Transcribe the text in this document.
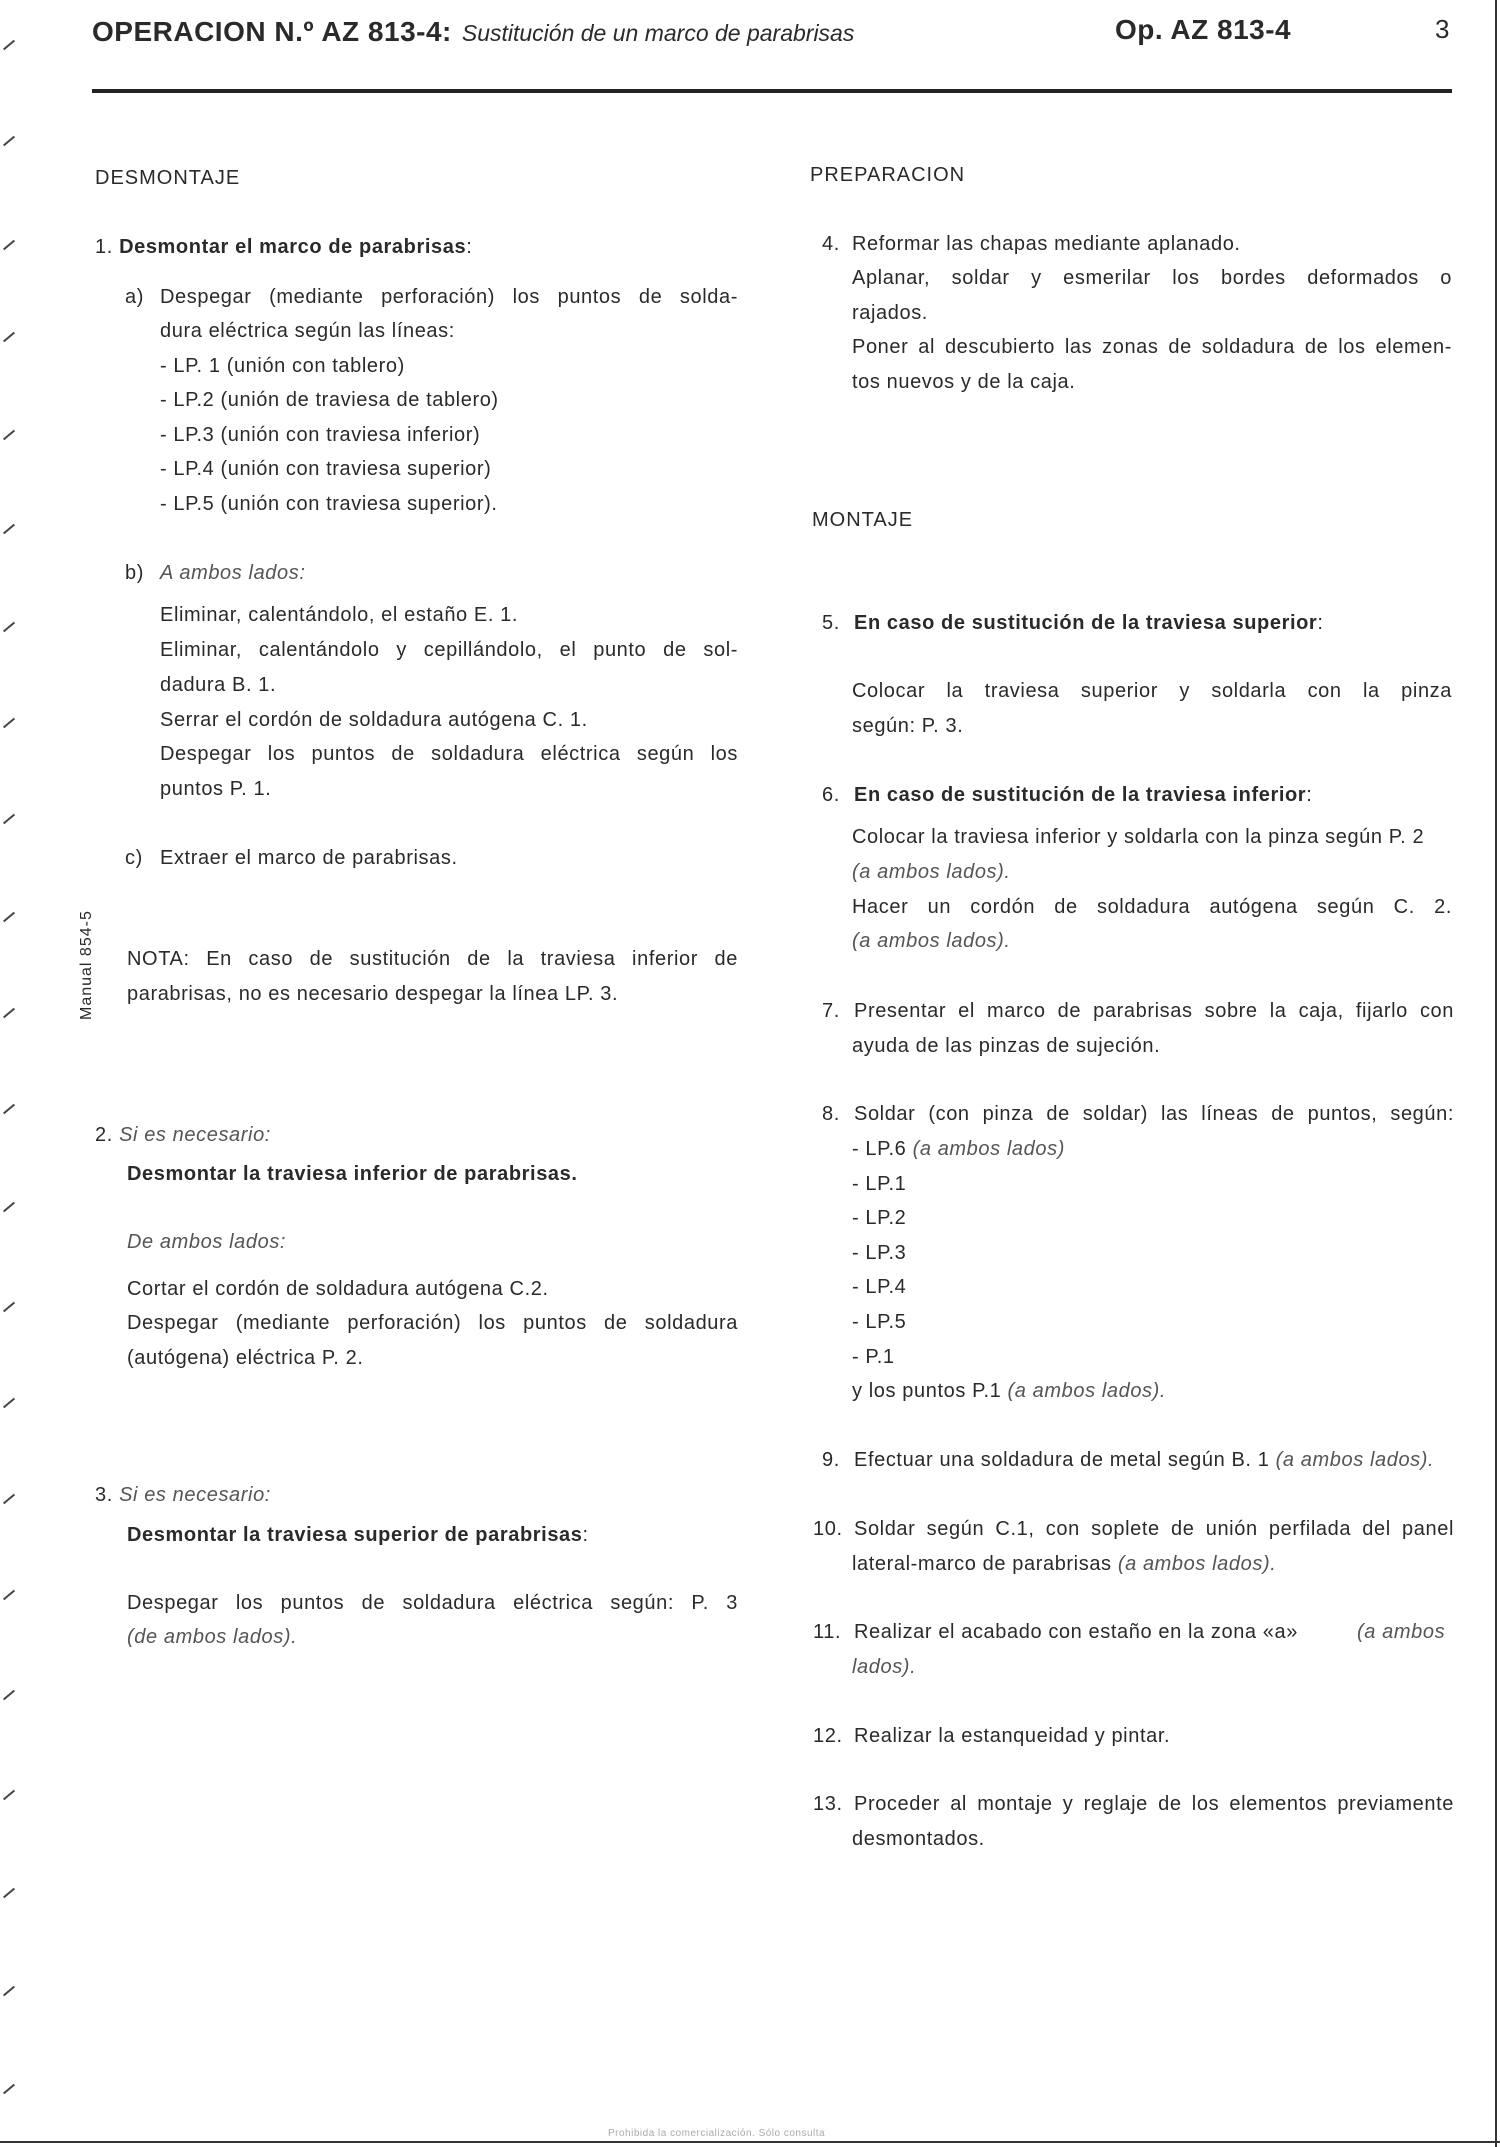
OPERACION N.º AZ 813-4: Sustitución de un marco de parabrisas	Op. AZ 813-4	3
Manual 854-5
DESMONTAJE
1. Desmontar el marco de parabrisas:
a) Despegar (mediante perforación) los puntos de solda-
dura eléctrica según las líneas:
- LP. 1 (unión con tablero)
- LP.2 (unión de traviesa de tablero)
- LP.3 (unión con traviesa inferior)
- LP.4 (unión con traviesa superior)
- LP.5 (unión con traviesa superior).
b) A ambos lados:
Eliminar, calentándolo, el estaño E. 1.
Eliminar, calentándolo y cepillándolo, el punto de sol-
dadura B. 1.
Serrar el cordón de soldadura autógena C. 1.
Despegar los puntos de soldadura eléctrica según los
puntos P. 1.
c) Extraer el marco de parabrisas.
NOTA: En caso de sustitución de la traviesa inferior de
parabrisas, no es necesario despegar la línea LP. 3.
2. Si es necesario:
Desmontar la traviesa inferior de parabrisas.
De ambos lados:
Cortar el cordón de soldadura autógena C.2.
Despegar (mediante perforación) los puntos de soldadura
(autógena) eléctrica P. 2.
3. Si es necesario:
Desmontar la traviesa superior de parabrisas:
Despegar los puntos de soldadura eléctrica según: P. 3
(de ambos lados).
PREPARACION
4. Reformar las chapas mediante aplanado.
Aplanar, soldar y esmerilar los bordes deformados o
rajados.
Poner al descubierto las zonas de soldadura de los elemen-
tos nuevos y de la caja.
MONTAJE
5. En caso de sustitución de la traviesa superior:
Colocar la traviesa superior y soldarla con la pinza
según: P. 3.
6. En caso de sustitución de la traviesa inferior:
Colocar la traviesa inferior y soldarla con la pinza según P. 2
(a ambos lados).
Hacer un cordón de soldadura autógena según C. 2.
(a ambos lados).
7. Presentar el marco de parabrisas sobre la caja, fijarlo con
ayuda de las pinzas de sujeción.
8. Soldar (con pinza de soldar) las líneas de puntos, según:
- LP.6 (a ambos lados)
- LP.1
- LP.2
- LP.3
- LP.4
- LP.5
- P.1
y los puntos P.1 (a ambos lados).
9. Efectuar una soldadura de metal según B. 1 (a ambos lados).
10. Soldar según C.1, con soplete de unión perfilada del panel
lateral-marco de parabrisas (a ambos lados).
11. Realizar el acabado con estaño en la zona «a»	(a ambos
lados).
12. Realizar la estanqueidad y pintar.
13. Proceder al montaje y reglaje de los elementos previamente
desmontados.
Prohibida la comercialización. Sólo consulta
